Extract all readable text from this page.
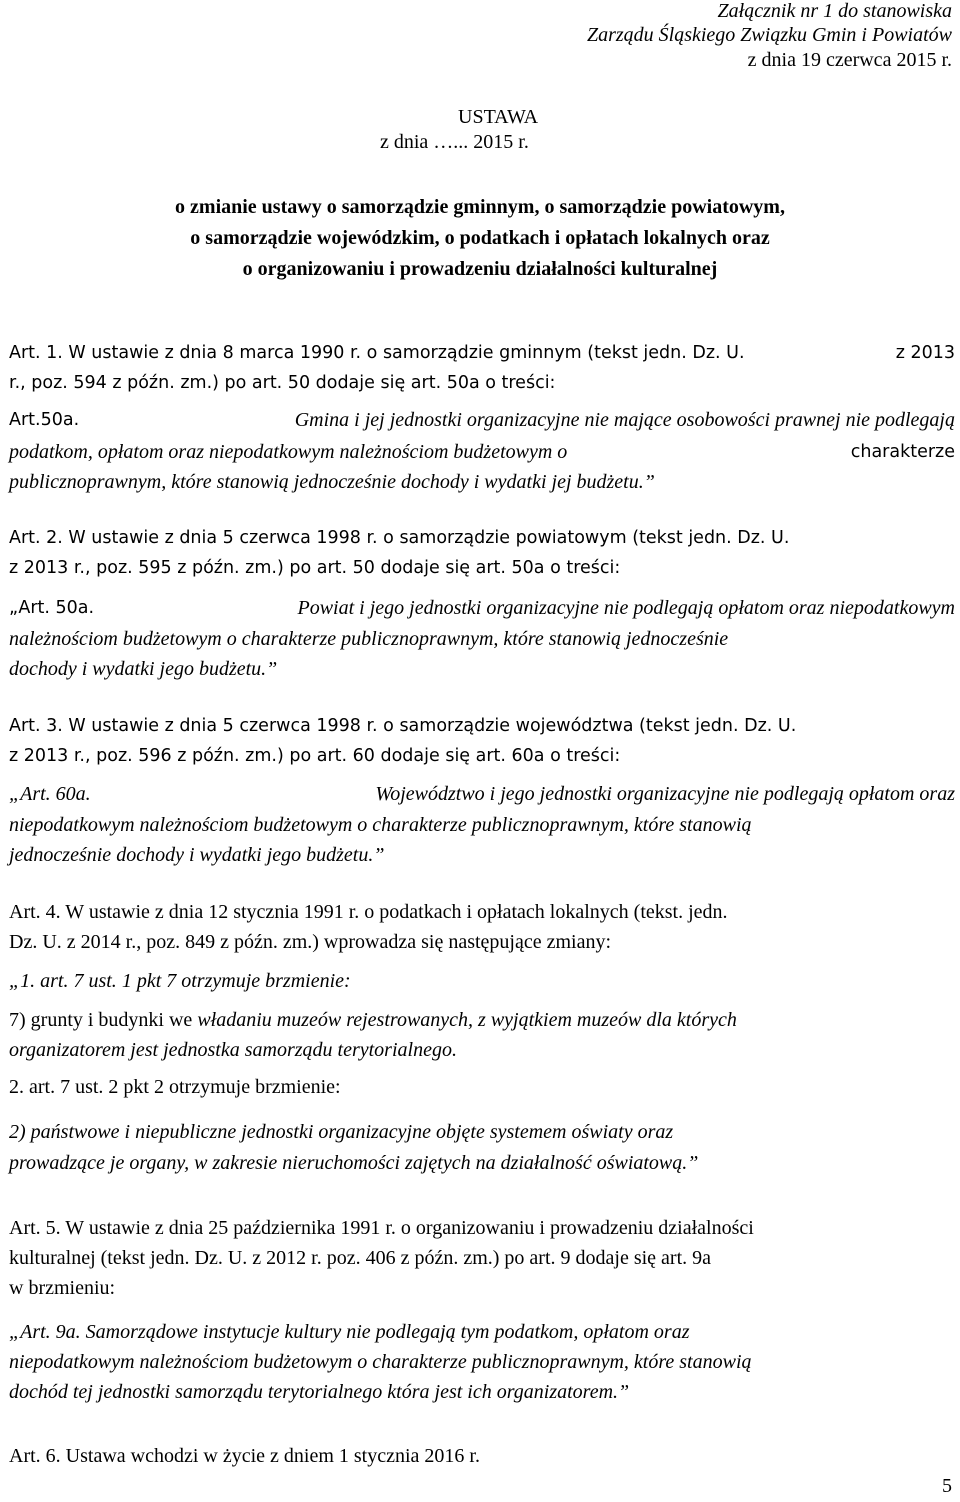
Załącznik nr 1 do stanowiska
Zarządu Śląskiego Związku Gmin i Powiatów
z dnia 19 czerwca 2015 r.
USTAWA
z dnia …... 2015 r.
o zmianie ustawy o samorządzie gminnym, o samorządzie powiatowym,
o samorządzie wojewódzkim, o podatkach i opłatach lokalnych oraz
o organizowaniu i prowadzeniu działalności kulturalnej
Art. 1. W ustawie z dnia 8 marca 1990 r. o samorządzie gminnym (tekst jedn. Dz. U.	z 2013
r., poz. 594 z późn. zm.) po art. 50 dodaje się art. 50a o treści:
Art.50a.	Gmina i jej jednostki organizacyjne nie mające osobowości prawnej nie podlegają
podatkom, opłatom oraz niepodatkowym należnościom budżetowym o	charakterze
publicznoprawnym, które stanowią jednocześnie dochody i wydatki jej budżetu.”
Art. 2. W ustawie z dnia 5 czerwca 1998 r. o samorządzie powiatowym (tekst jedn. Dz. U.
z 2013 r., poz. 595 z późn. zm.) po art. 50 dodaje się art. 50a o treści:
„Art. 50a.	Powiat i jego jednostki organizacyjne nie podlegają opłatom oraz niepodatkowym
należnościom budżetowym o charakterze publicznoprawnym, które stanowią jednocześnie
dochody i wydatki jego budżetu.”
Art. 3. W ustawie z dnia 5 czerwca 1998 r. o samorządzie województwa (tekst jedn. Dz. U.
z 2013 r., poz. 596 z późn. zm.) po art. 60 dodaje się art. 60a o treści:
„Art. 60a.	Województwo i jego jednostki organizacyjne nie podlegają opłatom oraz
niepodatkowym należnościom budżetowym o charakterze publicznoprawnym, które stanowią
jednocześnie dochody i wydatki jego budżetu.”
Art. 4. W ustawie z dnia 12 stycznia 1991 r. o podatkach i opłatach lokalnych (tekst. jedn.
Dz. U. z 2014 r., poz. 849 z późn. zm.) wprowadza się następujące zmiany:
„1. art. 7 ust. 1 pkt 7 otrzymuje brzmienie:
7) grunty i budynki we władaniu muzeów rejestrowanych, z wyjątkiem muzeów dla których
organizatorem jest jednostka samorządu terytorialnego.
2. art. 7 ust. 2 pkt 2 otrzymuje brzmienie:
2) państwowe i niepubliczne jednostki organizacyjne objęte systemem oświaty oraz
prowadzące je organy, w zakresie nieruchomości zajętych na działalność oświatową.”
Art. 5. W ustawie z dnia 25 października 1991 r. o organizowaniu i prowadzeniu działalności
kulturalnej (tekst jedn. Dz. U. z 2012 r. poz. 406 z późn. zm.) po art. 9 dodaje się art. 9a
w brzmieniu:
„Art. 9a. Samorządowe instytucje kultury nie podlegają tym podatkom, opłatom oraz
niepodatkowym należnościom budżetowym o charakterze publicznoprawnym, które stanowią
dochód tej jednostki samorządu terytorialnego która jest ich organizatorem.”
Art. 6. Ustawa wchodzi w życie z dniem 1 stycznia 2016 r.
5
